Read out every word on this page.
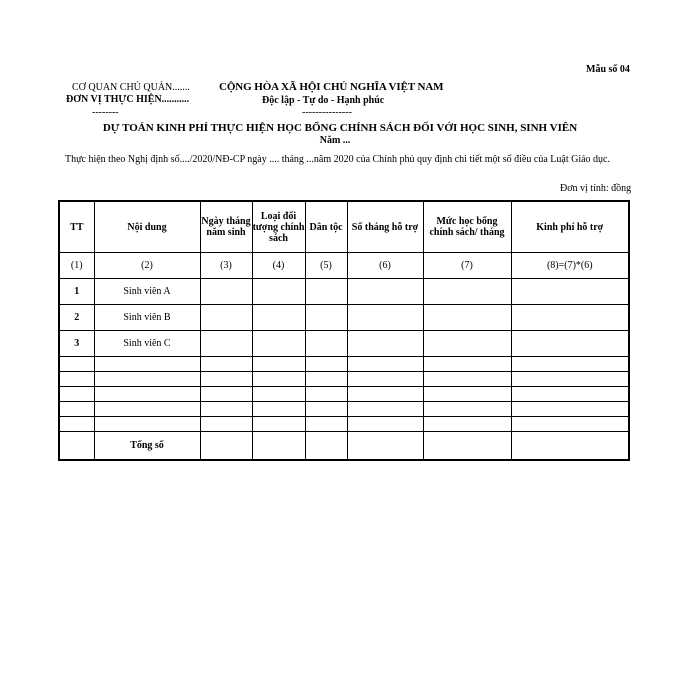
Mẫu số 04
CƠ QUAN CHỦ QUẢN.......
ĐƠN VỊ THỰC HIỆN...........
--------
CỘNG HÒA XÃ HỘI CHỦ NGHĨA VIỆT NAM
Độc lập - Tự do - Hạnh phúc
---------------
DỰ TOÁN KINH PHÍ THỰC HIỆN HỌC BỔNG CHÍNH SÁCH ĐỐI VỚI HỌC SINH, SINH VIÊN
Năm ...
Thực hiện theo Nghị định số..../2020/NĐ-CP ngày .... tháng ...năm 2020 của Chính phủ quy định chi tiết một số điều của Luật Giáo dục.
Đơn vị tính: đồng
TT	Nội dung	Ngày tháng năm sinh	Loại đối tượng chính sách	Dân tộc	Số tháng hỗ trợ	Mức học bổng chính sách/ tháng	Kinh phí hỗ trợ
(1)	(2)	(3)	(4)	(5)	(6)	(7)	(8)=(7)*(6)
1	Sinh viên A						
2	Sinh viên B						
3	Sinh viên C						

	Tổng số						
